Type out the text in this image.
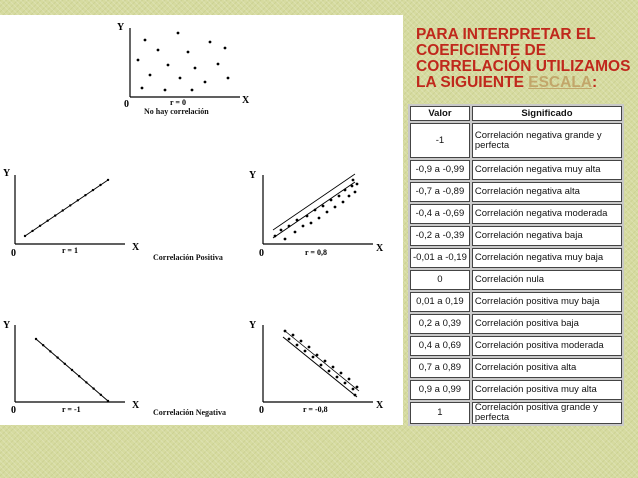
Y
X
0	r = 0
No hay correlación
Y
X
0	r = 1
Y
X
0	r = 0,8
Correlación Positiva
Y
X
0	r = -1
Y
X
0	r = -0,8
Correlación Negativa
PARA INTERPRETAR EL
COEFICIENTE DE
CORRELACIÓN UTILIZAMOS
LA SIGUIENTE ESCALA:
Valor	Significado
-1	Correlación negativa grande y perfecta
-0,9 a -0,99	Correlación negativa muy alta
-0,7 a -0,89	Correlación negativa alta
-0,4 a -0,69	Correlación negativa moderada
-0,2 a -0,39	Correlación negativa baja
-0,01 a -0,19	Correlación negativa muy baja
0	Correlación nula
0,01 a 0,19	Correlación positiva muy baja
0,2 a 0,39	Correlación positiva baja
0,4 a 0,69	Correlación positiva moderada
0,7 a 0,89	Correlación positiva alta
0,9 a 0,99	Correlación positiva muy alta
1	Correlación positiva grande y perfecta
